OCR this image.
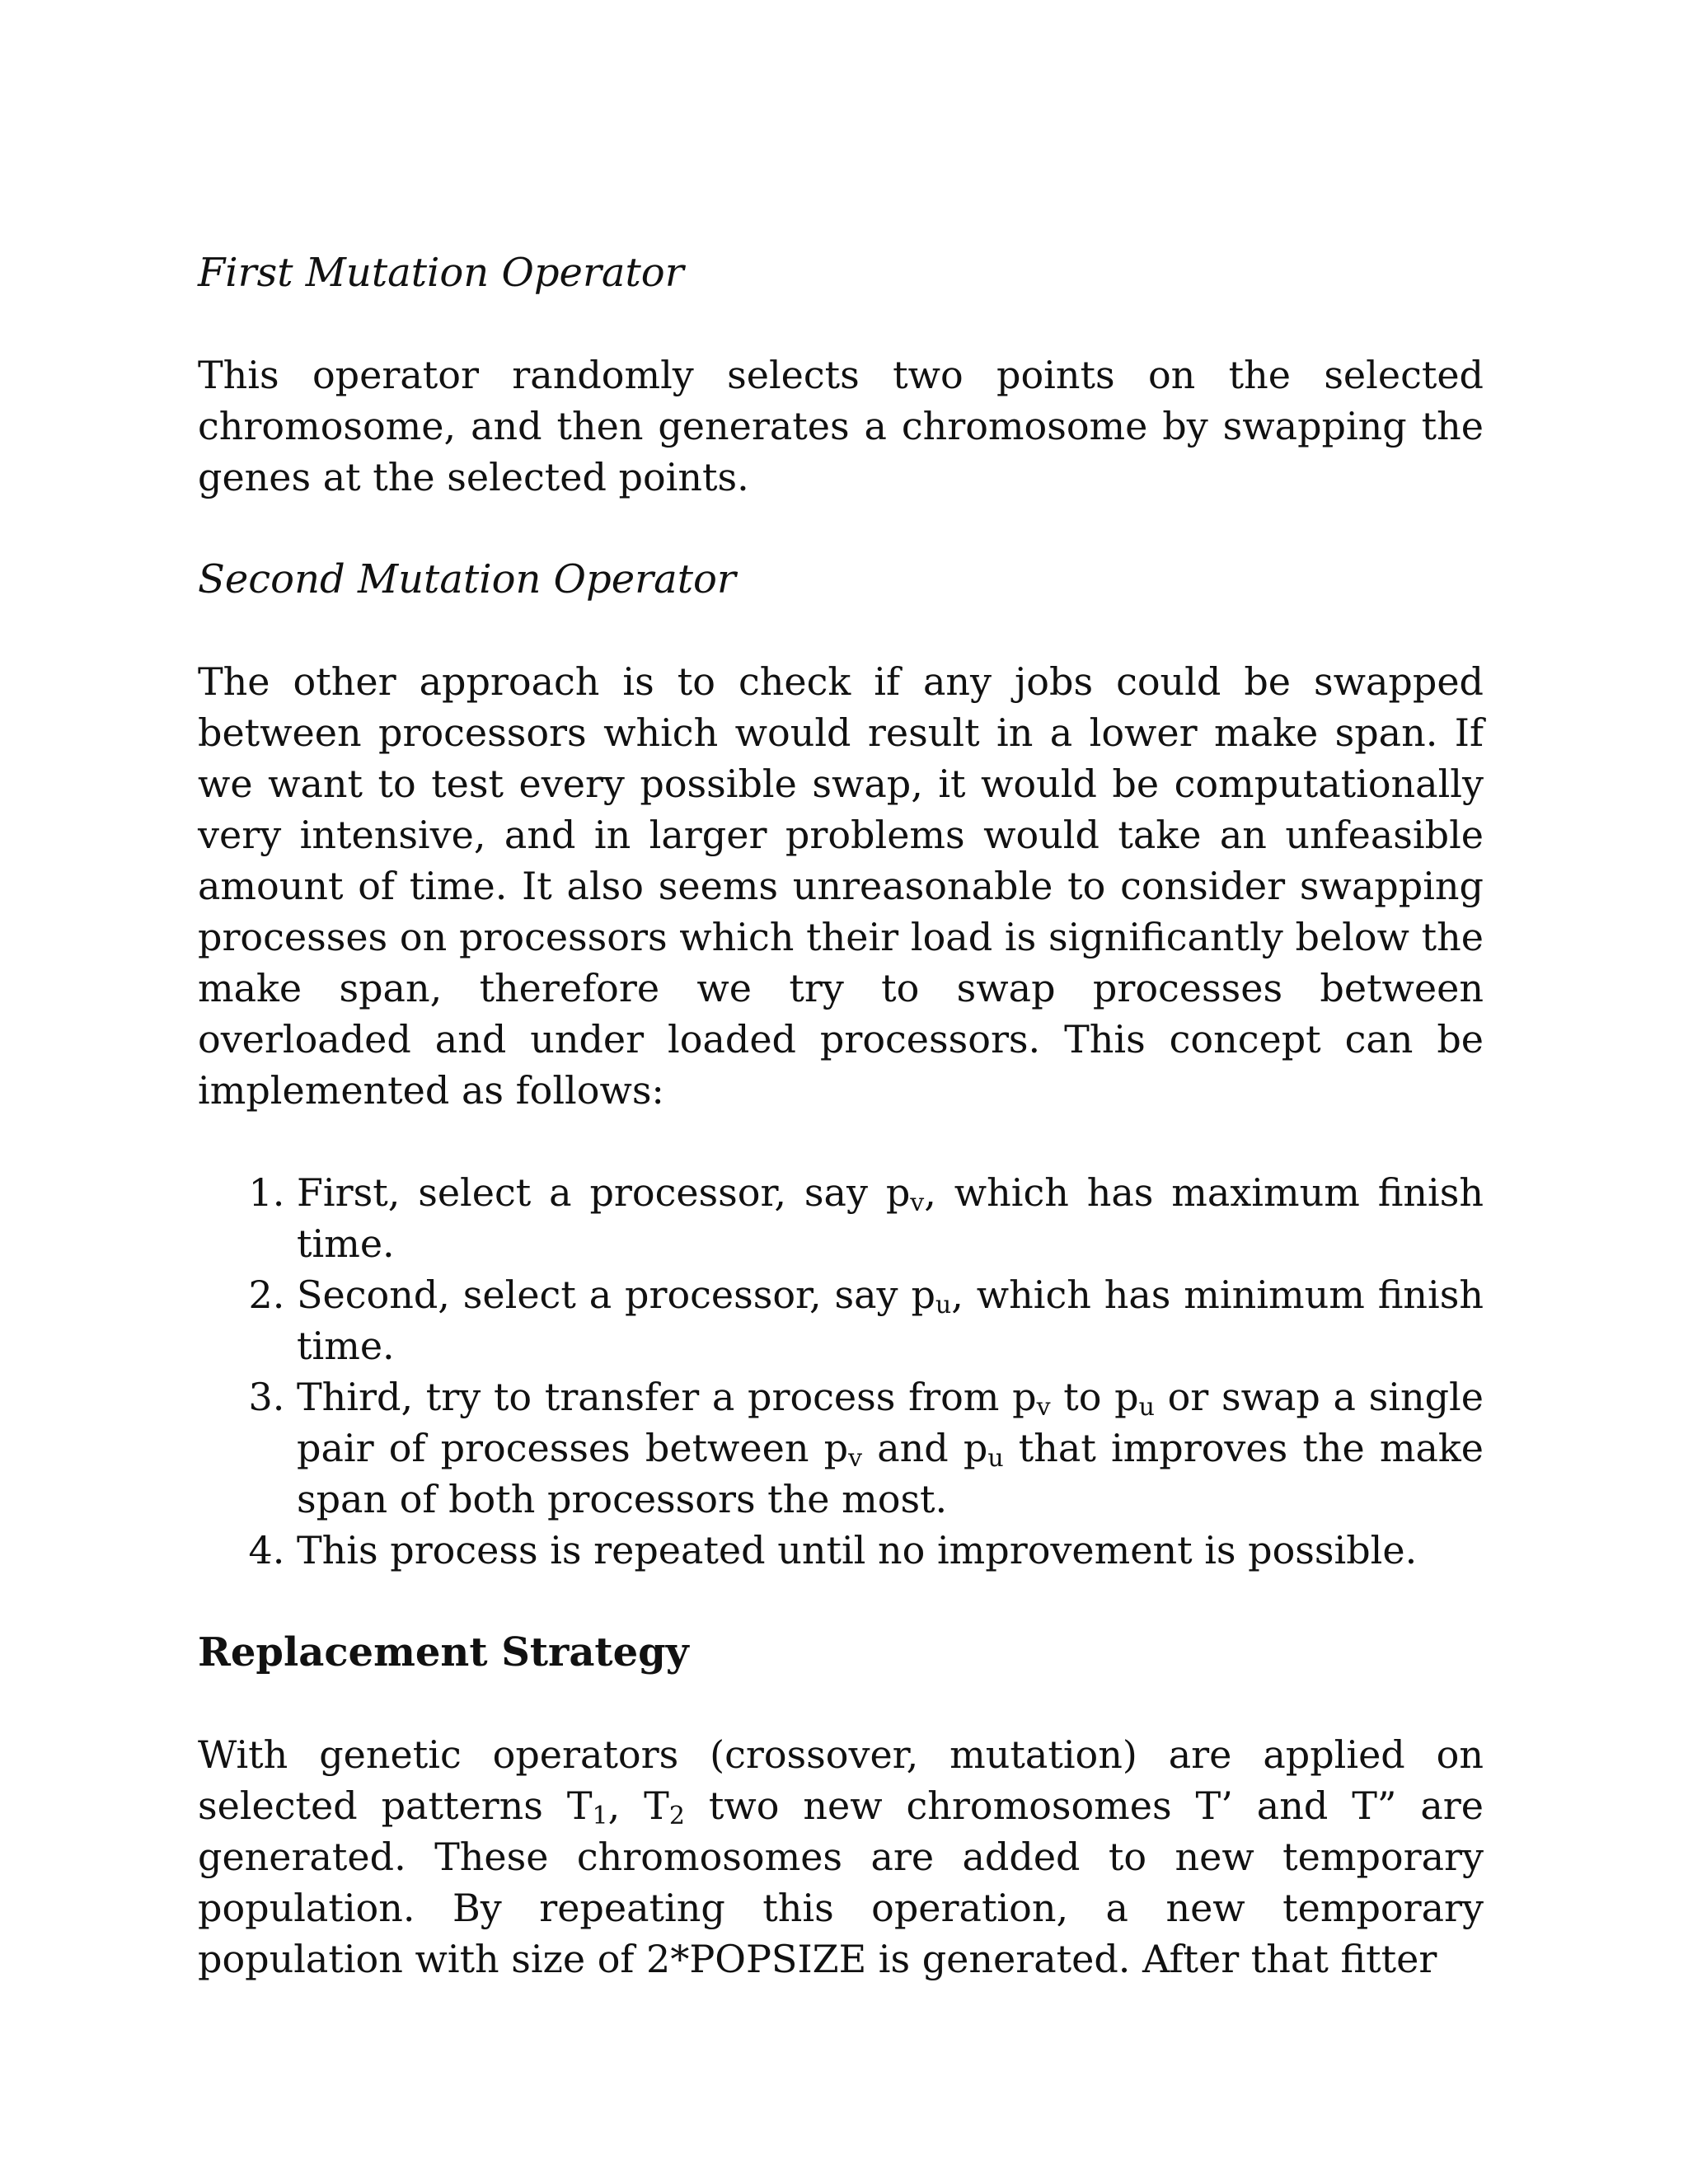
First Mutation Operator

This operator randomly selects two points on the selected chromosome, and then generates a chromosome by swapping the genes at the selected points.

Second Mutation Operator

The other approach is to check if any jobs could be swapped between processors which would result in a lower make span. If we want to test every possible swap, it would be computationally very intensive, and in larger problems would take an unfeasible amount of time. It also seems unreasonable to consider swapping processes on processors which their load is significantly below the make span, therefore we try to swap processes between overloaded and under loaded processors. This concept can be implemented as follows:

1. First, select a processor, say $p_v$, which has maximum finish time.
2. Second, select a processor, say $p_u$, which has minimum finish time.
3. Third, try to transfer a process from $p_v$ to $p_u$ or swap a single pair of processes between $p_v$ and $p_u$ that improves the make span of both processors the most.
4. This process is repeated until no improvement is possible.

Replacement Strategy

With genetic operators (crossover, mutation) are applied on selected patterns $T_1$, $T_2$ two new chromosomes T’ and T” are generated. These chromosomes are added to new temporary population. By repeating this operation, a new temporary population with size of 2*POPSIZE is generated. After that fitter
